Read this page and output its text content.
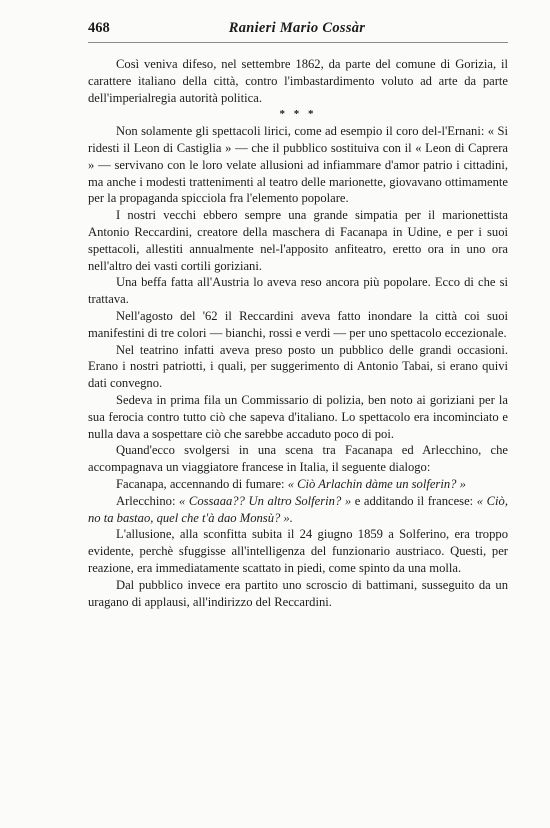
468	Ranieri Mario Cossàr

Così veniva difeso, nel settembre 1862, da parte del comune di Gorizia, il carattere italiano della città, contro l'imbastardimento voluto ad arte da parte dell'imperialregia autorità politica.

* * *

Non solamente gli spettacoli lirici, come ad esempio il coro del-l'Ernani: « Si ridesti il Leon di Castiglia » — che il pubblico sostituiva con il « Leon di Caprera » — servivano con le loro velate allusioni ad infiammare d'amor patrio i cittadini, ma anche i modesti trattenimenti al teatro delle marionette, giovavano ottimamente per la propaganda spicciola fra l'elemento popolare.

I nostri vecchi ebbero sempre una grande simpatia per il marionettista Antonio Reccardini, creatore della maschera di Facanapa in Udine, e per i suoi spettacoli, allestiti annualmente nel-l'apposito anfiteatro, eretto ora in uno ora nell'altro dei vasti cortili goriziani.

Una beffa fatta all'Austria lo aveva reso ancora più popolare. Ecco di che si trattava.

Nell'agosto del '62 il Reccardini aveva fatto inondare la città coi suoi manifestini di tre colori — bianchi, rossi e verdi — per uno spettacolo eccezionale.

Nel teatrino infatti aveva preso posto un pubblico delle grandi occasioni. Erano i nostri patriotti, i quali, per suggerimento di Antonio Tabai, si erano quivi dati convegno.

Sedeva in prima fila un Commissario di polizia, ben noto ai goriziani per la sua ferocia contro tutto ciò che sapeva d'italiano. Lo spettacolo era incominciato e nulla dava a sospettare ciò che sarebbe accaduto poco di poi.

Quand'ecco svolgersi in una scena tra Facanapa ed Arlecchino, che accompagnava un viaggiatore francese in Italia, il seguente dialogo:

Facanapa, accennando di fumare: « Ciò Arlachin dàme un solferin? »

Arlecchino: « Cossaaa?? Un altro Solferin? » e additando il francese: « Ciò, no ta bastao, quel che t'à dao Monsù? ».

L'allusione, alla sconfitta subita il 24 giugno 1859 a Solferino, era troppo evidente, perchè sfuggisse all'intelligenza del funzionario austriaco. Questi, per reazione, era immediatamente scattato in piedi, come spinto da una molla.

Dal pubblico invece era partito uno scroscio di battimani, susseguito da un uragano di applausi, all'indirizzo del Reccardini.
